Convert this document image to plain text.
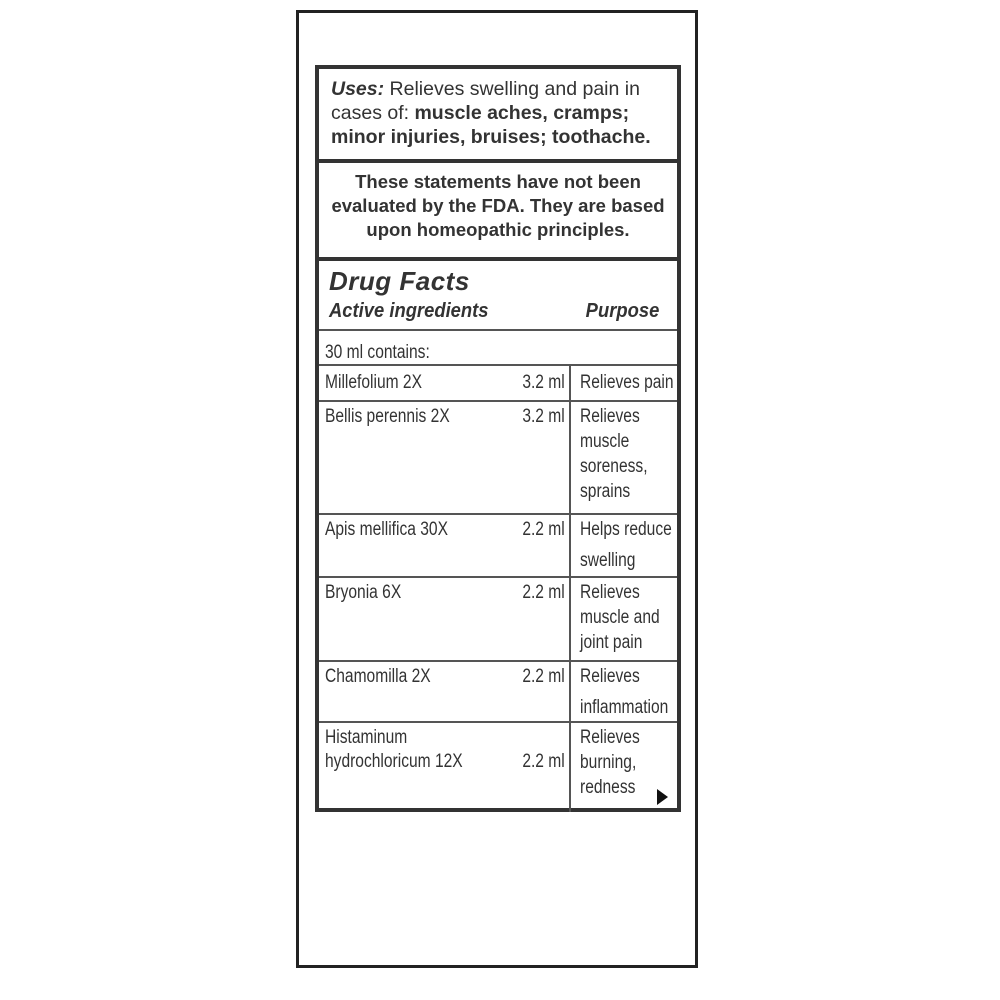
Uses: Relieves swelling and pain in cases of: muscle aches, cramps; minor injuries, bruises; toothache.
These statements have not been evaluated by the FDA. They are based upon homeopathic principles.
Drug Facts
Active ingredients	Purpose
30 ml contains:
Millefolium 2X	3.2 ml Relieves pain
Bellis perennis 2X	3.2 ml Relieves
muscle
soreness,
sprains
Apis mellifica 30X	2.2 ml Helps reduce
swelling
Bryonia 6X	2.2 ml Relieves
muscle and
joint pain
Chamomilla 2X	2.2 ml Relieves
inflammation
Histaminum
hydrochloricum 12X	2.2 ml
Relieves
burning,
redness
